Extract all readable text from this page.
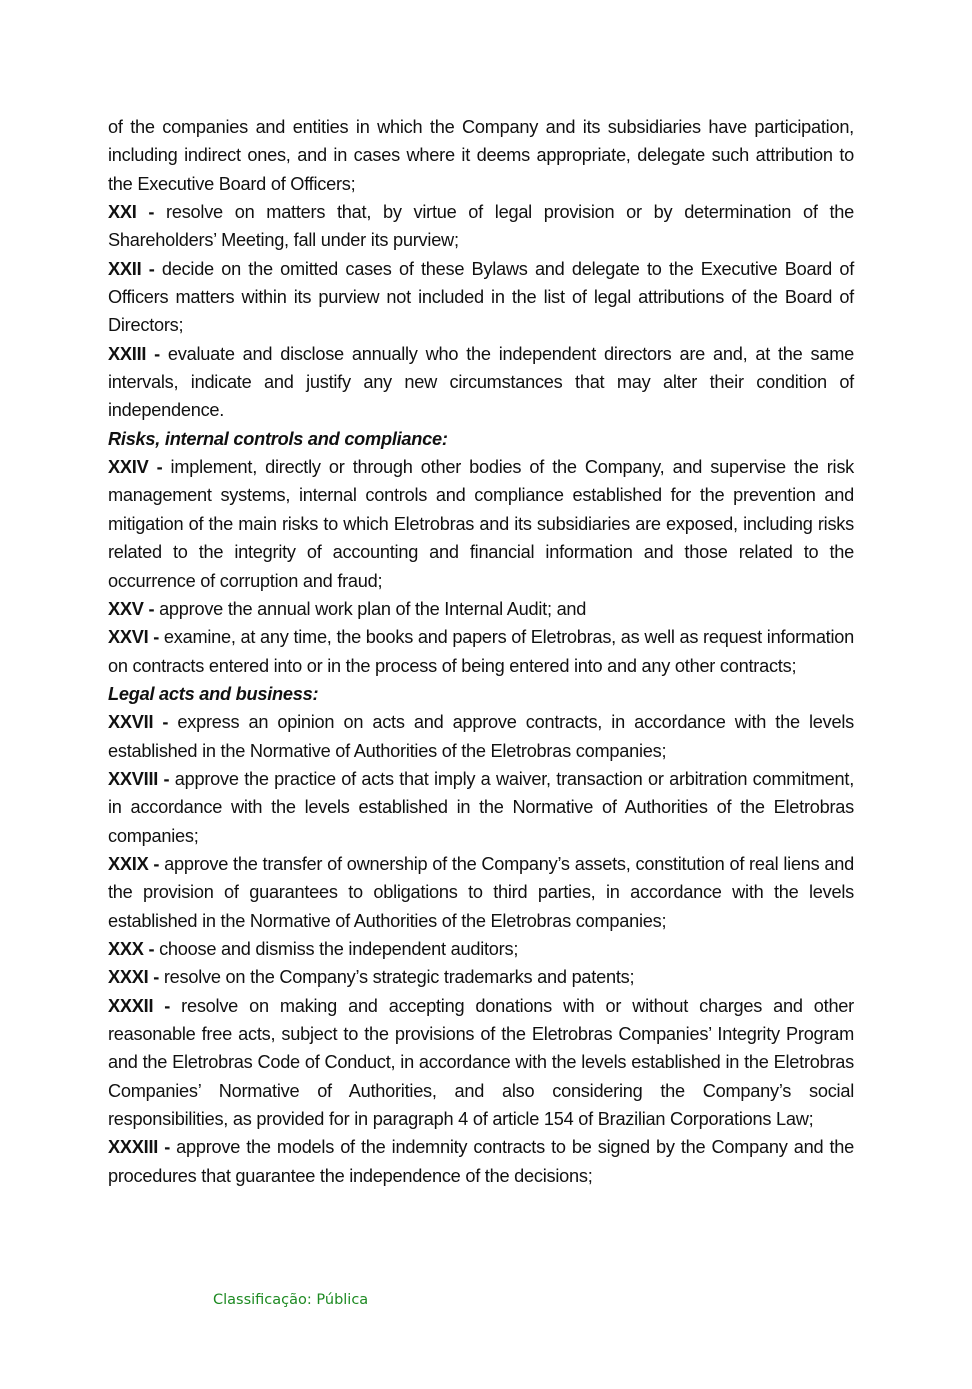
of the companies and entities in which the Company and its subsidiaries have participation, including indirect ones, and in cases where it deems appropriate, delegate such attribution to the Executive Board of Officers;

XXI - resolve on matters that, by virtue of legal provision or by determination of the Shareholders’ Meeting, fall under its purview;

XXII - decide on the omitted cases of these Bylaws and delegate to the Executive Board of Officers matters within its purview not included in the list of legal attributions of the Board of Directors;

XXIII - evaluate and disclose annually who the independent directors are and, at the same intervals, indicate and justify any new circumstances that may alter their condition of independence.

Risks, internal controls and compliance:

XXIV - implement, directly or through other bodies of the Company, and supervise the risk management systems, internal controls and compliance established for the prevention and mitigation of the main risks to which Eletrobras and its subsidiaries are exposed, including risks related to the integrity of accounting and financial information and those related to the occurrence of corruption and fraud;

XXV - approve the annual work plan of the Internal Audit; and

XXVI - examine, at any time, the books and papers of Eletrobras, as well as request information on contracts entered into or in the process of being entered into and any other contracts;

Legal acts and business:

XXVII - express an opinion on acts and approve contracts, in accordance with the levels established in the Normative of Authorities of the Eletrobras companies;

XXVIII - approve the practice of acts that imply a waiver, transaction or arbitration commitment, in accordance with the levels established in the Normative of Authorities of the Eletrobras companies;

XXIX - approve the transfer of ownership of the Company’s assets, constitution of real liens and the provision of guarantees to obligations to third parties, in accordance with the levels established in the Normative of Authorities of the Eletrobras companies;

XXX - choose and dismiss the independent auditors;

XXXI - resolve on the Company’s strategic trademarks and patents;

XXXII - resolve on making and accepting donations with or without charges and other reasonable free acts, subject to the provisions of the Eletrobras Companies’ Integrity Program and the Eletrobras Code of Conduct, in accordance with the levels established in the Eletrobras Companies’ Normative of Authorities, and also considering the Company’s social responsibilities, as provided for in paragraph 4 of article 154 of Brazilian Corporations Law;

XXXIII - approve the models of the indemnity contracts to be signed by the Company and the procedures that guarantee the independence of the decisions;

Classificação: Pública
